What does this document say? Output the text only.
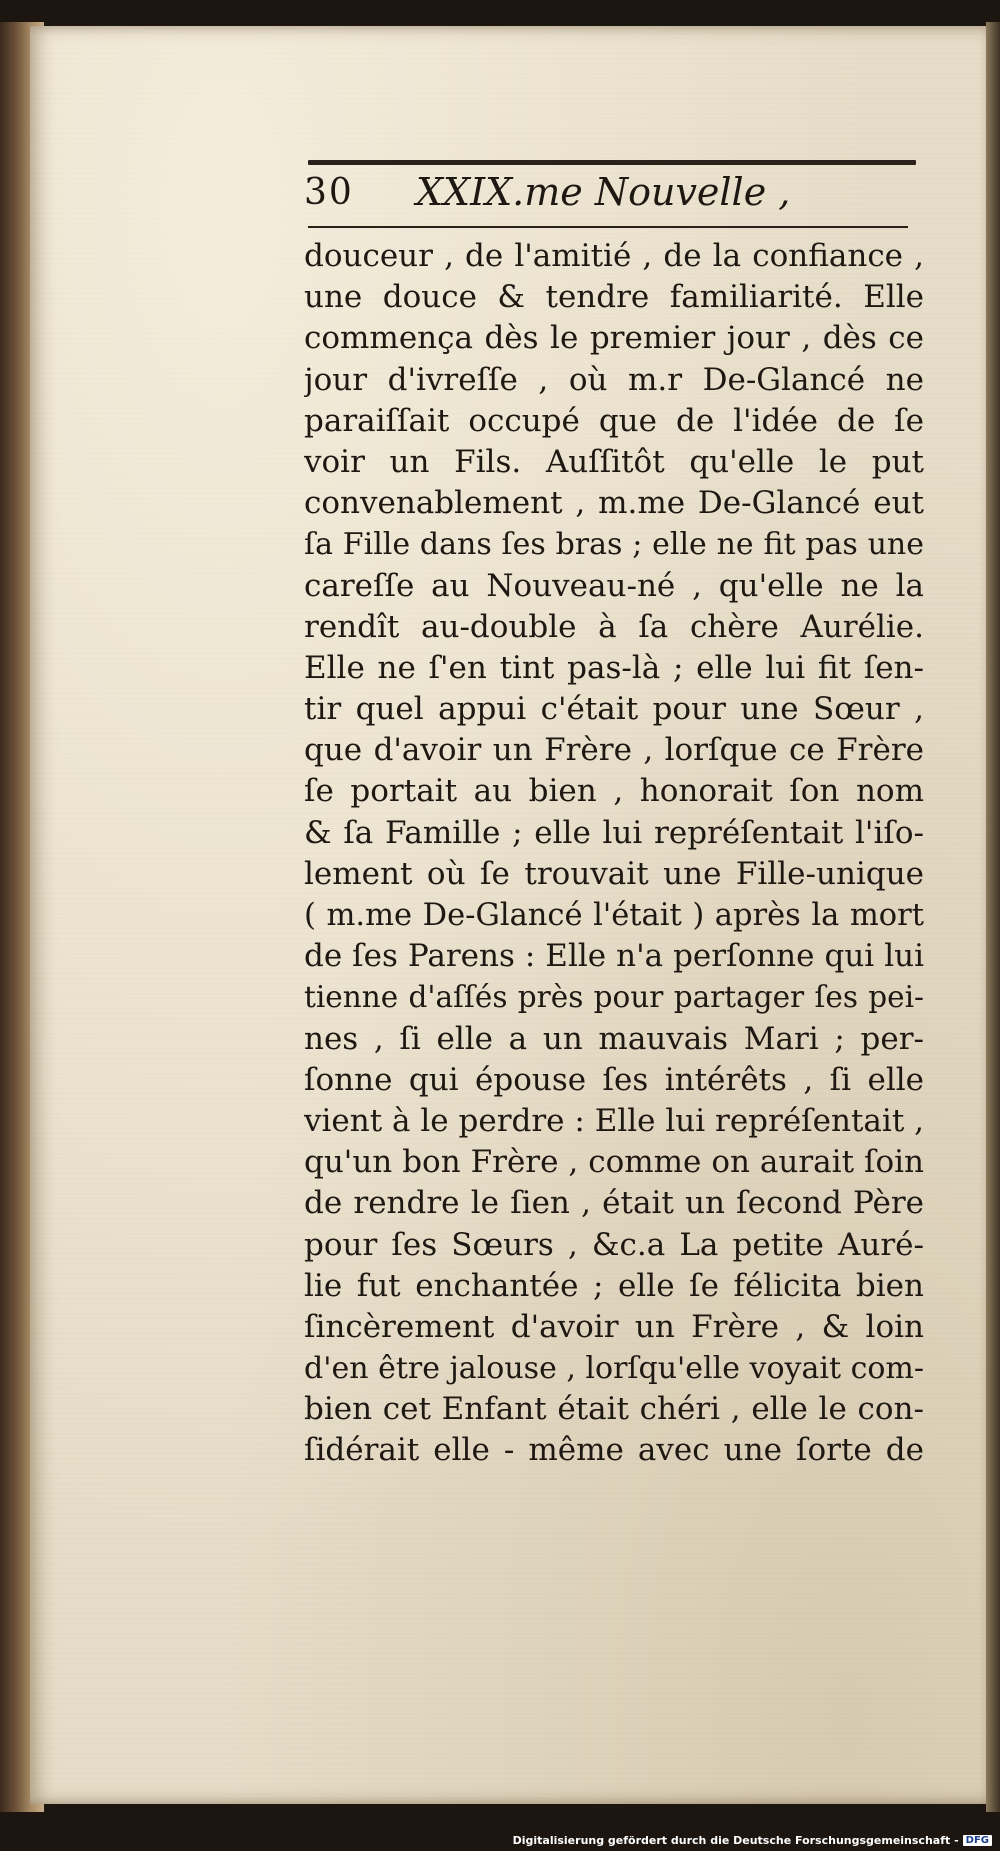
30 XXIX.me Nouvelle ,
douceur , de l'amitié , de la confiance ,
une douce & tendre familiarité. Elle
commença dès le premier jour , dès ce
jour d'ivreſſe , où m.r De-Glancé ne
paraiſſait occupé que de l'idée de ſe
voir un Fils. Auſſitôt qu'elle le put
convenablement , m.me De-Glancé eut
ſa Fille dans ſes bras ; elle ne fit pas une
careſſe au Nouveau-né , qu'elle ne la
rendît au-double à ſa chère Aurélie.
Elle ne ſ'en tint pas-là ; elle lui fit ſen-
tir quel appui c'était pour une Sœur ,
que d'avoir un Frère , lorſque ce Frère
ſe portait au bien , honorait ſon nom
& ſa Famille ; elle lui repréſentait l'iſo-
lement où ſe trouvait une Fille-unique
( m.me De-Glancé l'était ) après la mort
de ſes Parens : Elle n'a perſonne qui lui
tienne d'aſſés près pour partager ſes pei-
nes , ſi elle a un mauvais Mari ; per-
ſonne qui épouse ſes intérêts , ſi elle
vient à le perdre : Elle lui repréſentait ,
qu'un bon Frère , comme on aurait ſoin
de rendre le ſien , était un ſecond Père
pour ſes Sœurs , &c.a La petite Auré-
lie fut enchantée ; elle ſe félicita bien
ſincèrement d'avoir un Frère , & loin
d'en être jalouse , lorſqu'elle voyait com-
bien cet Enfant était chéri , elle le con-
ſidérait elle - même avec une ſorte de
Digitalisierung gefördert durch die Deutsche Forschungsgemeinschaft - DFG
